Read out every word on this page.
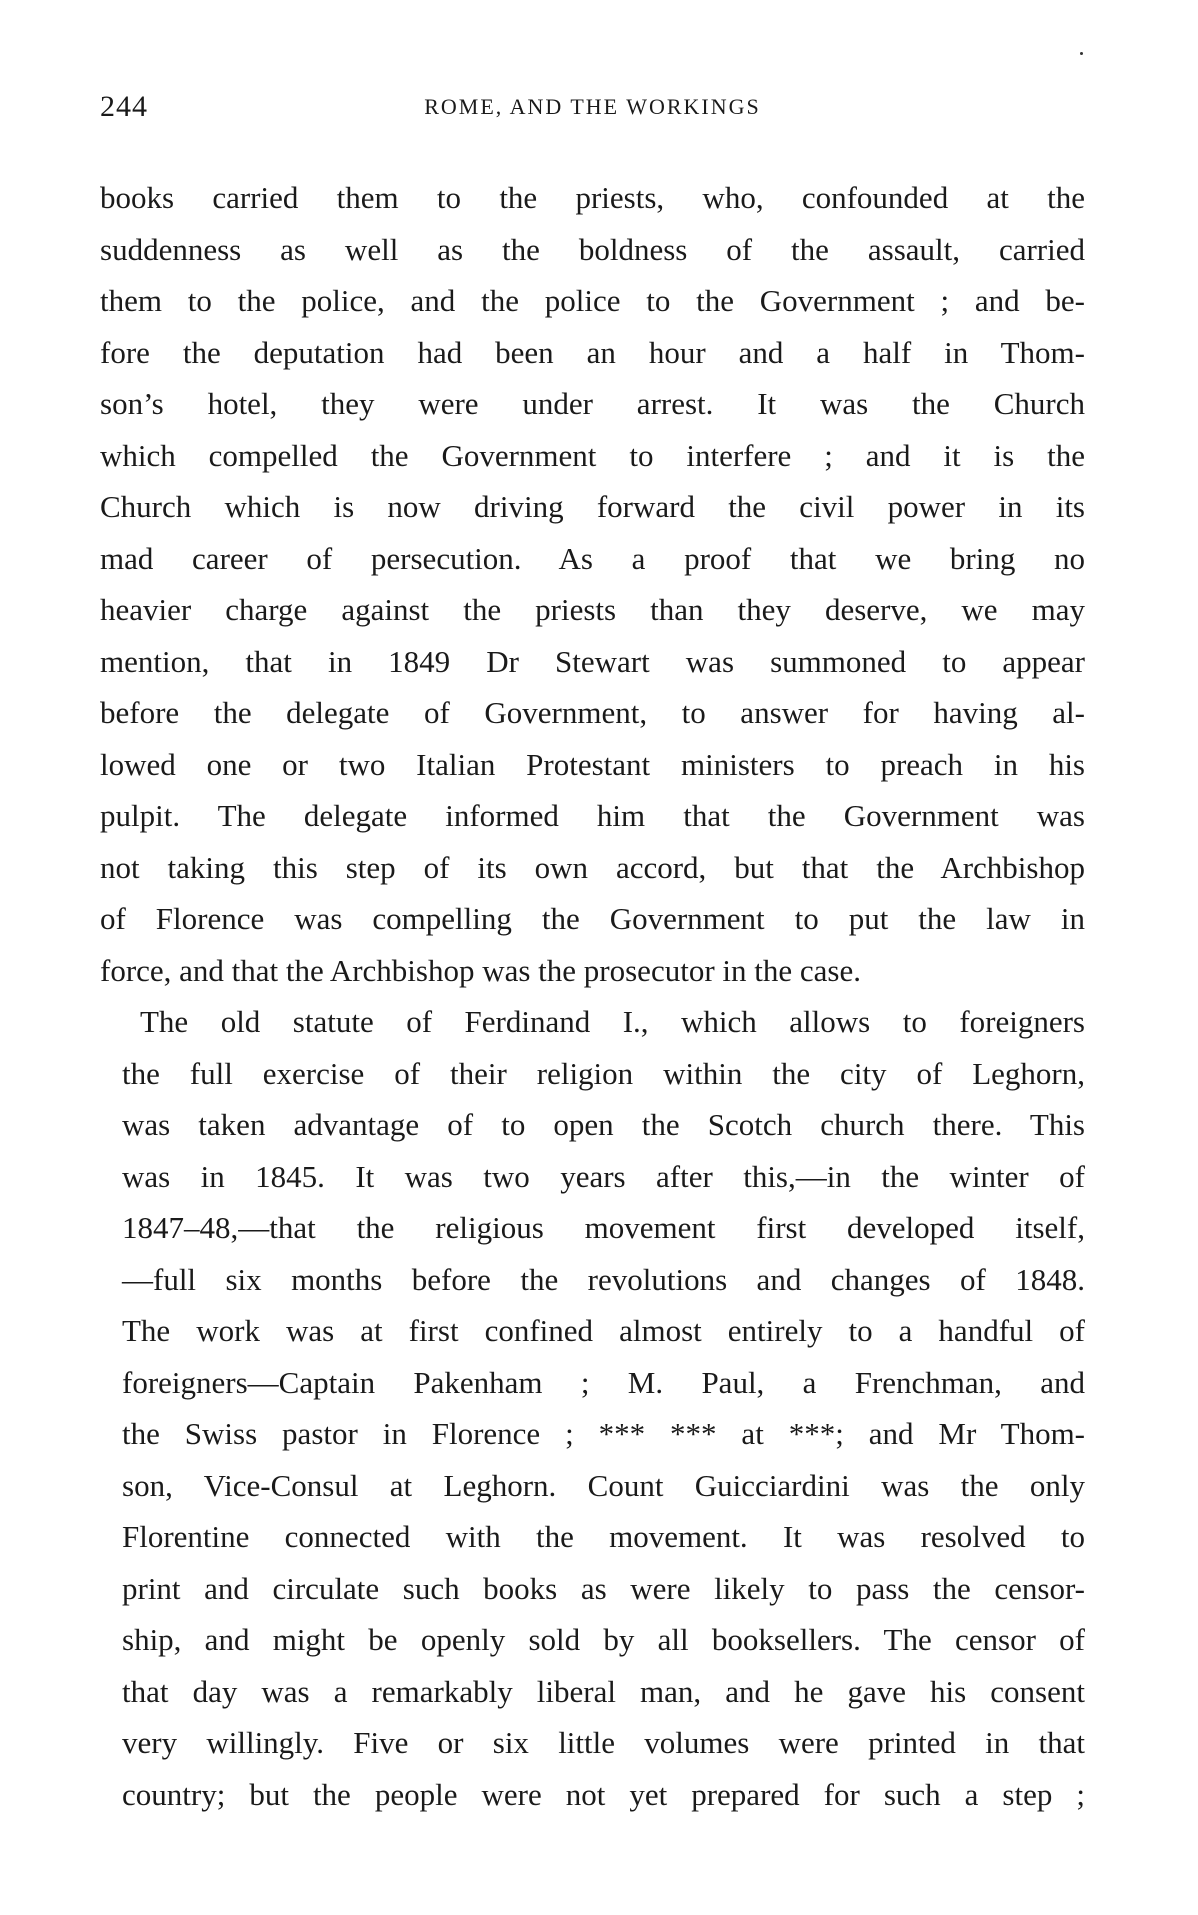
244	ROME, AND THE WORKINGS
books carried them to the priests, who, confounded at the
suddenness as well as the boldness of the assault, carried
them to the police, and the police to the Government ; and be-
fore the deputation had been an hour and a half in Thom-
son’s hotel, they were under arrest. It was the Church
which compelled the Government to interfere ; and it is the
Church which is now driving forward the civil power in its
mad career of persecution. As a proof that we bring no
heavier charge against the priests than they deserve, we may
mention, that in 1849 Dr Stewart was summoned to appear
before the delegate of Government, to answer for having al-
lowed one or two Italian Protestant ministers to preach in his
pulpit. The delegate informed him that the Government was
not taking this step of its own accord, but that the Archbishop
of Florence was compelling the Government to put the law in
force, and that the Archbishop was the prosecutor in the case.
The old statute of Ferdinand I., which allows to foreigners
the full exercise of their religion within the city of Leghorn,
was taken advantage of to open the Scotch church there. This
was in 1845. It was two years after this,—in the winter of
1847–48,—that the religious movement first developed itself,
—full six months before the revolutions and changes of 1848.
The work was at first confined almost entirely to a handful of
foreigners—Captain Pakenham ; M. Paul, a Frenchman, and
the Swiss pastor in Florence ; *** *** at ***; and Mr Thom-
son, Vice-Consul at Leghorn. Count Guicciardini was the only
Florentine connected with the movement. It was resolved to
print and circulate such books as were likely to pass the censor-
ship, and might be openly sold by all booksellers. The censor of
that day was a remarkably liberal man, and he gave his consent
very willingly. Five or six little volumes were printed in that
country; but the people were not yet prepared for such a step ;
